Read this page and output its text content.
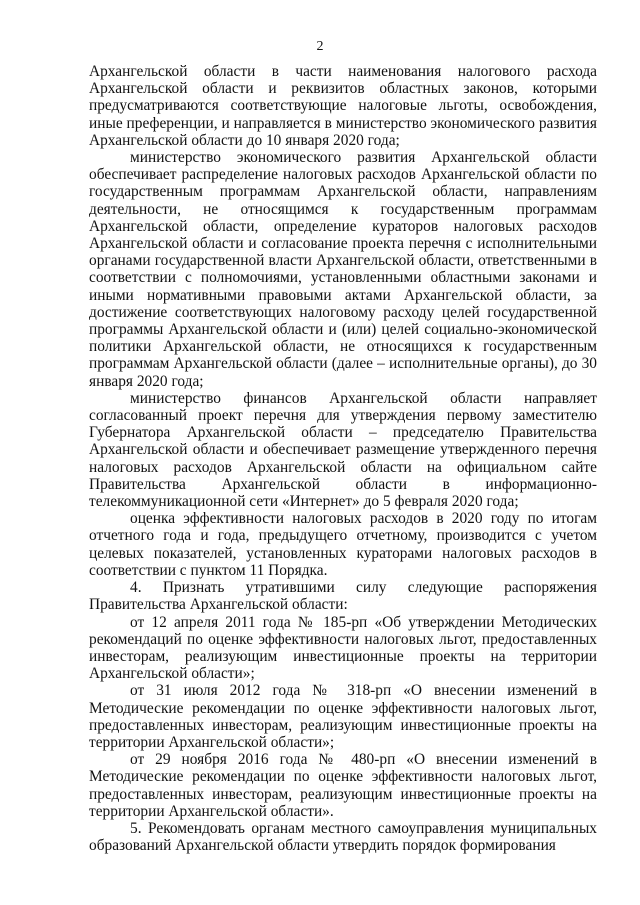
2

Архангельской области в части наименования налогового расхода Архангельской области и реквизитов областных законов, которыми предусматриваются соответствующие налоговые льготы, освобождения, иные преференции, и направляется в министерство экономического развития Архангельской области до 10 января 2020 года;

министерство экономического развития Архангельской области обеспечивает распределение налоговых расходов Архангельской области по государственным программам Архангельской области, направлениям деятельности, не относящимся к государственным программам Архангельской области, определение кураторов налоговых расходов Архангельской области и согласование проекта перечня с исполнительными органами государственной власти Архангельской области, ответственными в соответствии с полномочиями, установленными областными законами и иными нормативными правовыми актами Архангельской области, за достижение соответствующих налоговому расходу целей государственной программы Архангельской области и (или) целей социально-экономической политики Архангельской области, не относящихся к государственным программам Архангельской области (далее – исполнительные органы), до 30 января 2020 года;

министерство финансов Архангельской области направляет согласованный проект перечня для утверждения первому заместителю Губернатора Архангельской области – председателю Правительства Архангельской области и обеспечивает размещение утвержденного перечня налоговых расходов Архангельской области на официальном сайте Правительства Архангельской области в информационно-телекоммуникационной сети «Интернет» до 5 февраля 2020 года;

оценка эффективности налоговых расходов в 2020 году по итогам отчетного года и года, предыдущего отчетному, производится с учетом целевых показателей, установленных кураторами налоговых расходов в соответствии с пунктом 11 Порядка.

4. Признать утратившими силу следующие распоряжения Правительства Архангельской области:

от 12 апреля 2011 года № 185-рп «Об утверждении Методических рекомендаций по оценке эффективности налоговых льгот, предоставленных инвесторам, реализующим инвестиционные проекты на территории Архангельской области»;

от 31 июля 2012 года № 318-рп «О внесении изменений в Методические рекомендации по оценке эффективности налоговых льгот, предоставленных инвесторам, реализующим инвестиционные проекты на территории Архангельской области»;

от 29 ноября 2016 года № 480-рп «О внесении изменений в Методические рекомендации по оценке эффективности налоговых льгот, предоставленных инвесторам, реализующим инвестиционные проекты на территории Архангельской области».

5. Рекомендовать органам местного самоуправления муниципальных образований Архангельской области утвердить порядок формирования
